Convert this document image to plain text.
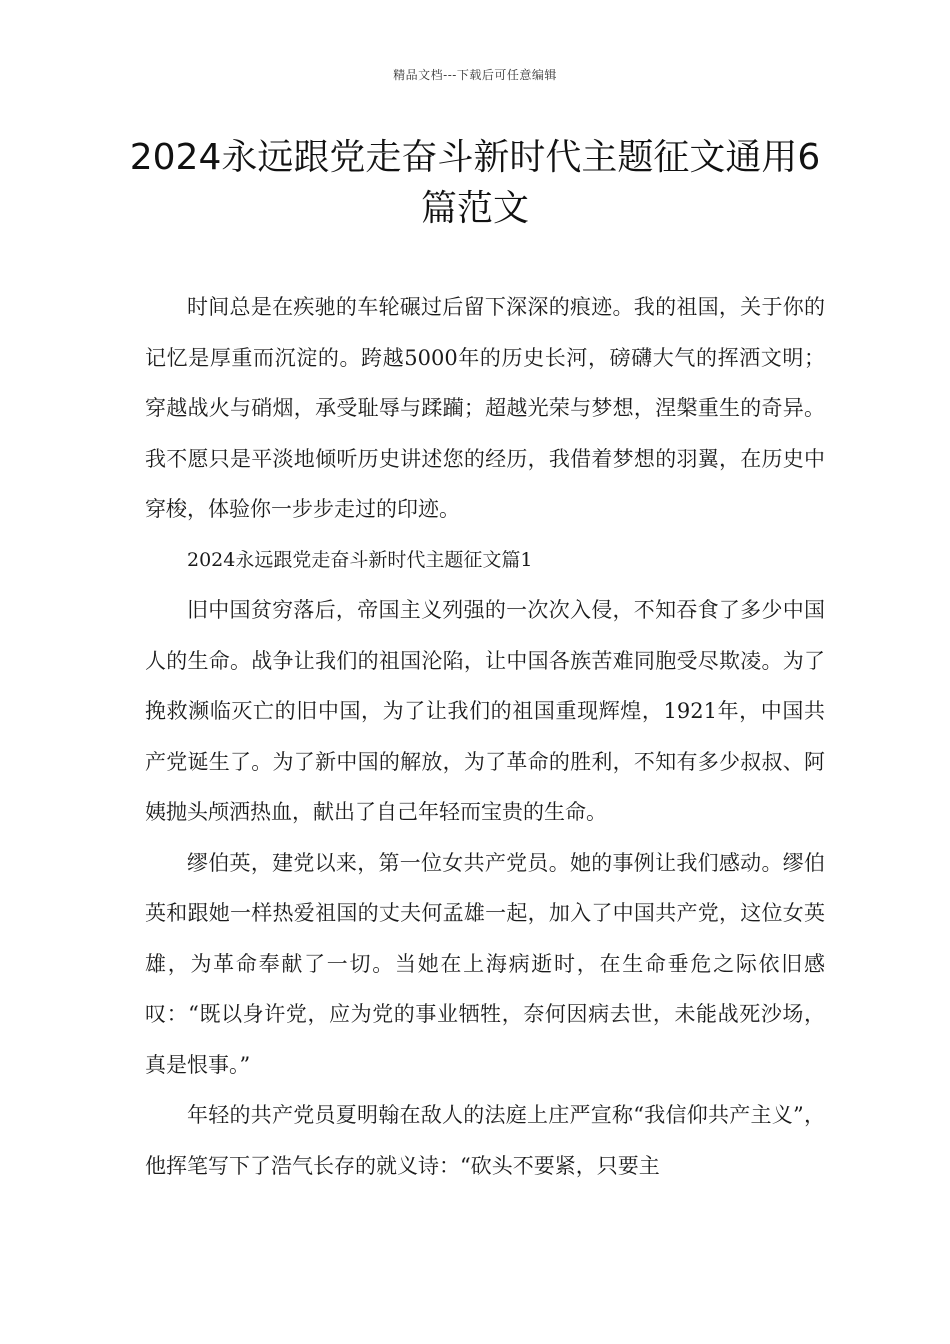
精品文档---下载后可任意编辑
2024永远跟党走奋斗新时代主题征文通用6篇范文

时间总是在疾驰的车轮碾过后留下深深的痕迹。我的祖国，关于你的记忆是厚重而沉淀的。跨越5000年的历史长河，磅礴大气的挥洒文明；穿越战火与硝烟，承受耻辱与蹂躏；超越光荣与梦想，涅槃重生的奇异。我不愿只是平淡地倾听历史讲述您的经历，我借着梦想的羽翼，在历史中穿梭，体验你一步步走过的印迹。

2024永远跟党走奋斗新时代主题征文篇1

旧中国贫穷落后，帝国主义列强的一次次入侵，不知吞食了多少中国人的生命。战争让我们的祖国沦陷，让中国各族苦难同胞受尽欺凌。为了挽救濒临灭亡的旧中国，为了让我们的祖国重现辉煌，1921年，中国共产党诞生了。为了新中国的解放，为了革命的胜利，不知有多少叔叔、阿姨抛头颅洒热血，献出了自己年轻而宝贵的生命。

缪伯英，建党以来，第一位女共产党员。她的事例让我们感动。缪伯英和跟她一样热爱祖国的丈夫何孟雄一起，加入了中国共产党，这位女英雄，为革命奉献了一切。当她在上海病逝时，在生命垂危之际依旧感叹：“既以身许党，应为党的事业牺牲，奈何因病去世，未能战死沙场，真是恨事。”

年轻的共产党员夏明翰在敌人的法庭上庄严宣称“我信仰共产主义”，他挥笔写下了浩气长存的就义诗：“砍头不要紧，只要主
